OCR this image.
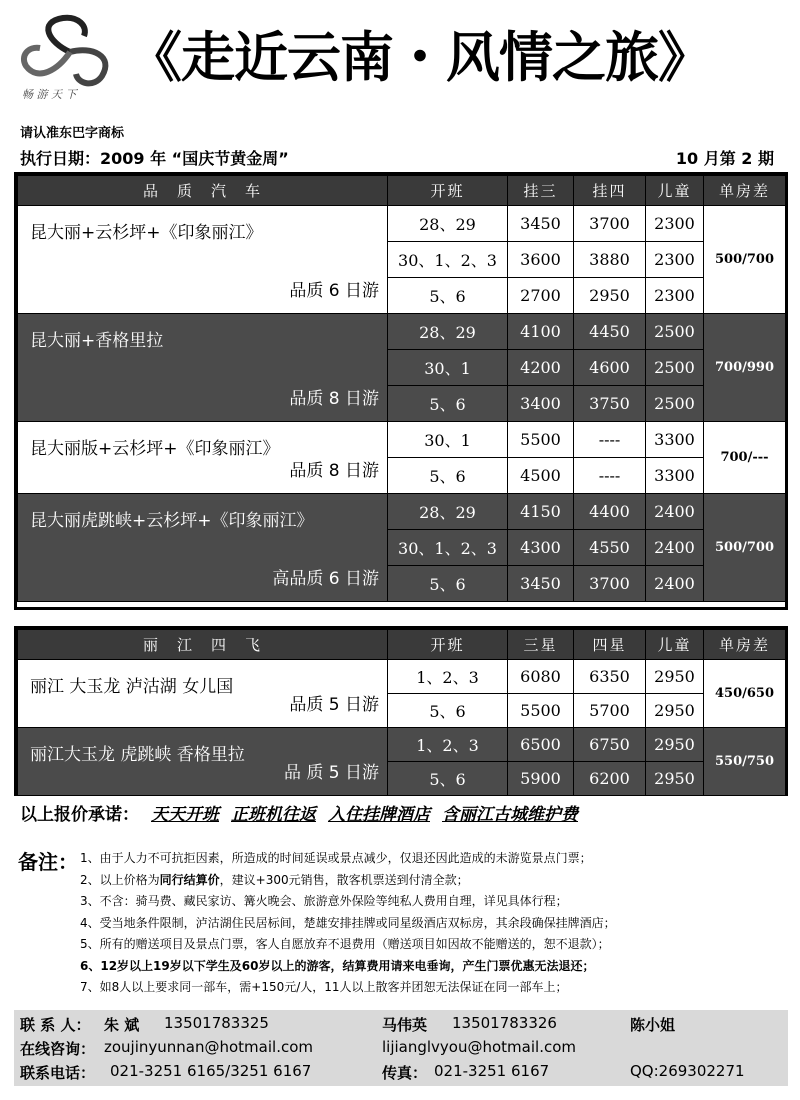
畅 游 天 下
《走近云南・风情之旅》
请认准东巴字商标
执行日期：2009 年 “国庆节黄金周”	10 月第 2 期
品　质　汽　车	开班	挂三	挂四	儿童	单房差

昆大丽+云杉坪+《印象丽江》
品质 6 日游	28、29	3450	3700	2300	500/700
	30、1、2、3	3600	3880	2300	
	5、6	2700	2950	2300	

昆大丽+香格里拉
品质 8 日游	28、29	4100	4450	2500	700/990
	30、1	4200	4600	2500	
	5、6	3400	3750	2500	

昆大丽版+云杉坪+《印象丽江》
品质 8 日游	30、1	5500	----	3300	700/---
	5、6	4500	----	3300	

昆大丽虎跳峡+云杉坪+《印象丽江》
高品质 6 日游	28、29	4150	4400	2400	500/700
	30、1、2、3	4300	4550	2400	
	5、6	3450	3700	2400	
丽　江　四　飞	开班	三星	四星	儿童	单房差

丽江 大玉龙 泸沽湖 女儿国
品质 5 日游	1、2、3	6080	6350	2950	450/650
	5、6	5500	5700	2950	

丽江大玉龙 虎跳峡 香格里拉
品 质 5 日游	1、2、3	6500	6750	2950	550/750
	5、6	5900	6200	2950	
以上报价承诺： 天天开班 正班机往返 入住挂牌酒店 含丽江古城维护费
备注： 1、由于人力不可抗拒因素，所造成的时间延误或景点减少，仅退还因此造成的未游览景点门票；
2、以上价格为同行结算价，建议+300元销售，散客机票送到付清全款；
3、不含：骑马费、藏民家访、篝火晚会、旅游意外保险等纯私人费用自理，详见具体行程；
4、受当地条件限制，泸沽湖住民居标间，楚雄安排挂牌或同星级酒店双标房，其余段确保挂牌酒店；
5、所有的赠送项目及景点门票，客人自愿放弃不退费用（赠送项目如因故不能赠送的，恕不退款）；
6、12岁以上19岁以下学生及60岁以上的游客，结算费用请来电垂询，产生门票优惠无法退还；
7、如8人以上要求同一部车，需+150元/人，11人以上散客并团恕无法保证在同一部车上；
联 系 人： 朱 斌 13501783325	马伟英 13501783326	陈小姐
在线咨询： zoujinyunnan@hotmail.com	lijianglvyou@hotmail.com
联系电话： 021-3251 6165/3251 6167	传真： 021-3251 6167	QQ:269302271
